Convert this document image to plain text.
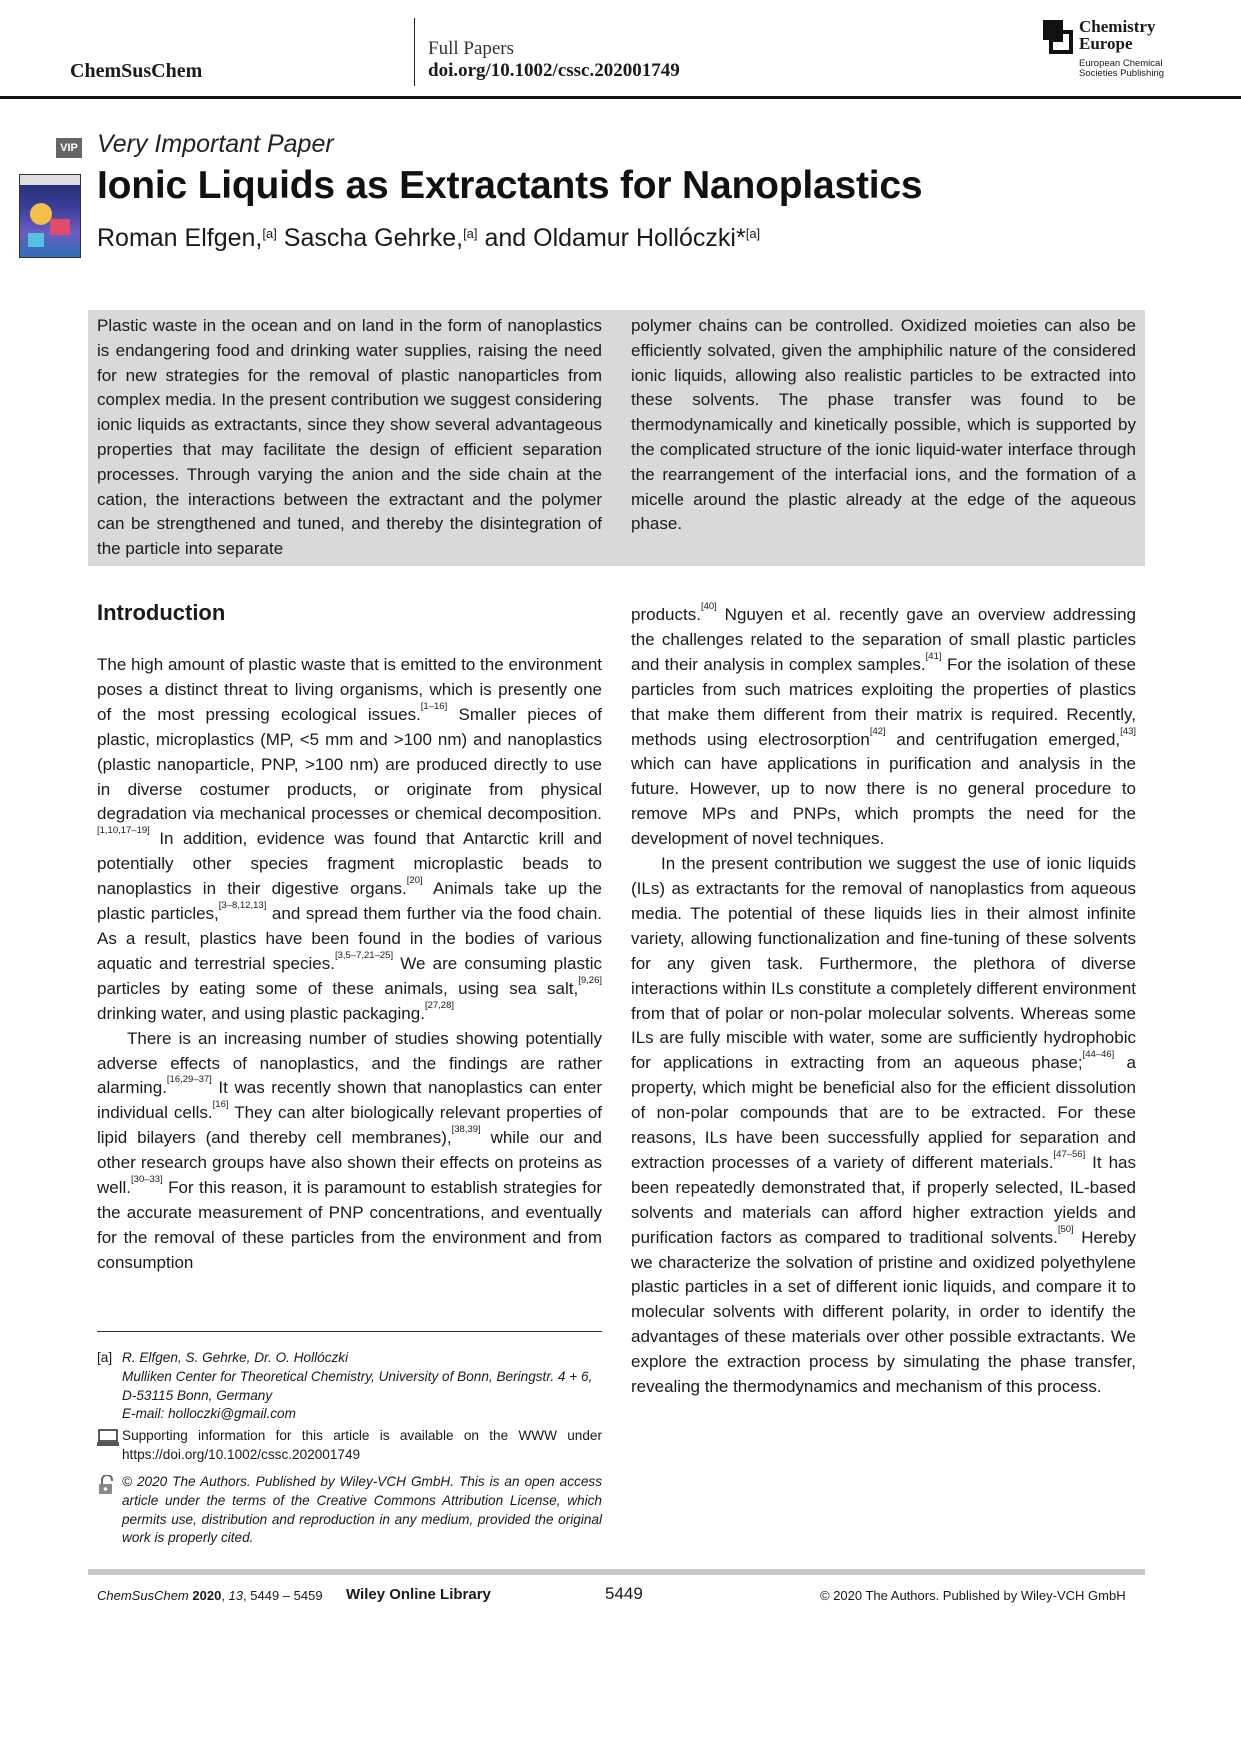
ChemSusChem
Full Papers
doi.org/10.1002/cssc.202001749
Chemistry
Europe
European Chemical
Societies Publishing
VIP Very Important Paper
Ionic Liquids as Extractants for Nanoplastics
Roman Elfgen,[a] Sascha Gehrke,[a] and Oldamur Hollóczki*[a]
Plastic waste in the ocean and on land in the form of nanoplastics is endangering food and drinking water supplies, raising the need for new strategies for the removal of plastic nanoparticles from complex media. In the present contribution we suggest considering ionic liquids as extractants, since they show several advantageous properties that may facilitate the design of efficient separation processes. Through varying the anion and the side chain at the cation, the interactions between the extractant and the polymer can be strengthened and tuned, and thereby the disintegration of the particle into separate
polymer chains can be controlled. Oxidized moieties can also be efficiently solvated, given the amphiphilic nature of the considered ionic liquids, allowing also realistic particles to be extracted into these solvents. The phase transfer was found to be thermodynamically and kinetically possible, which is supported by the complicated structure of the ionic liquid-water interface through the rearrangement of the interfacial ions, and the formation of a micelle around the plastic already at the edge of the aqueous phase.
Introduction

The high amount of plastic waste that is emitted to the environment poses a distinct threat to living organisms, which is presently one of the most pressing ecological issues.[1–16] Smaller pieces of plastic, microplastics (MP, <5 mm and >100 nm) and nanoplastics (plastic nanoparticle, PNP, >100 nm) are produced directly to use in diverse costumer products, or originate from physical degradation via mechanical processes or chemical decomposition.[1,10,17–19] In addition, evidence was found that Antarctic krill and potentially other species fragment microplastic beads to nanoplastics in their digestive organs.[20] Animals take up the plastic particles,[3–8,12,13] and spread them further via the food chain. As a result, plastics have been found in the bodies of various aquatic and terrestrial species.[3,5–7,21–25] We are consuming plastic particles by eating some of these animals, using sea salt,[9,26] drinking water, and using plastic packaging.[27,28]

There is an increasing number of studies showing potentially adverse effects of nanoplastics, and the findings are rather alarming.[16,29–37] It was recently shown that nanoplastics can enter individual cells.[16] They can alter biologically relevant properties of lipid bilayers (and thereby cell membranes),[38,39] while our and other research groups have also shown their effects on proteins as well.[30–33] For this reason, it is paramount to establish strategies for the accurate measurement of PNP concentrations, and eventually for the removal of these particles from the environment and from consumption

products.[40] Nguyen et al. recently gave an overview addressing the challenges related to the separation of small plastic particles and their analysis in complex samples.[41] For the isolation of these particles from such matrices exploiting the properties of plastics that make them different from their matrix is required. Recently, methods using electrosorption[42] and centrifugation emerged,[43] which can have applications in purification and analysis in the future. However, up to now there is no general procedure to remove MPs and PNPs, which prompts the need for the development of novel techniques.

In the present contribution we suggest the use of ionic liquids (ILs) as extractants for the removal of nanoplastics from aqueous media. The potential of these liquids lies in their almost infinite variety, allowing functionalization and fine-tuning of these solvents for any given task. Furthermore, the plethora of diverse interactions within ILs constitute a completely different environment from that of polar or non-polar molecular solvents. Whereas some ILs are fully miscible with water, some are sufficiently hydrophobic for applications in extracting from an aqueous phase;[44–46] a property, which might be beneficial also for the efficient dissolution of non-polar compounds that are to be extracted. For these reasons, ILs have been successfully applied for separation and extraction processes of a variety of different materials.[47–56] It has been repeatedly demonstrated that, if properly selected, IL-based solvents and materials can afford higher extraction yields and purification factors as compared to traditional solvents.[50] Hereby we characterize the solvation of pristine and oxidized polyethylene plastic particles in a set of different ionic liquids, and compare it to molecular solvents with different polarity, in order to identify the advantages of these materials over other possible extractants. We explore the extraction process by simulating the phase transfer, revealing the thermodynamics and mechanism of this process.

[a] R. Elfgen, S. Gehrke, Dr. O. Hollóczki
Mulliken Center for Theoretical Chemistry, University of Bonn, Beringstr. 4 + 6, D-53115 Bonn, Germany
E-mail: holloczki@gmail.com
Supporting information for this article is available on the WWW under https://doi.org/10.1002/cssc.202001749
© 2020 The Authors. Published by Wiley-VCH GmbH. This is an open access article under the terms of the Creative Commons Attribution License, which permits use, distribution and reproduction in any medium, provided the original work is properly cited.
ChemSusChem 2020, 13, 5449 – 5459 Wiley Online Library	5449	© 2020 The Authors. Published by Wiley-VCH GmbH
